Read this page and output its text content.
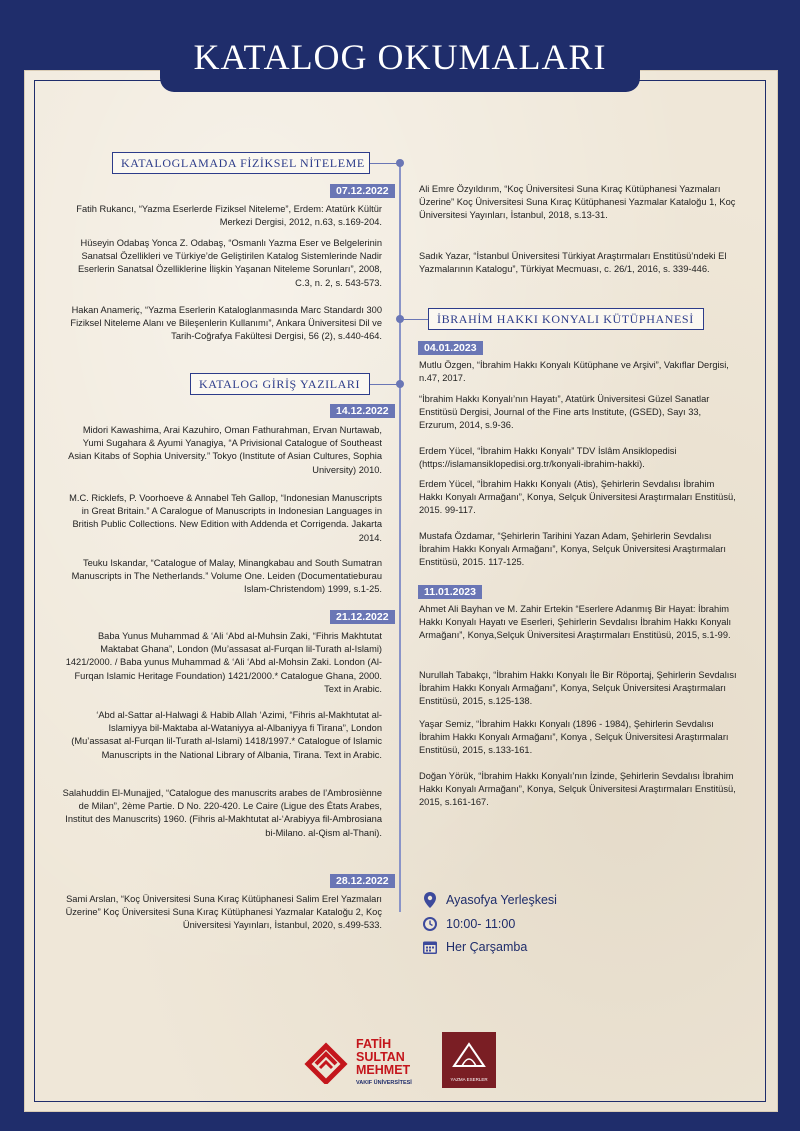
KATALOG OKUMALARI
KATALOGLAMADA FİZİKSEL NİTELEME
KATALOG GİRİŞ YAZILARI
İBRAHİM HAKKI KONYALI KÜTÜPHANESİ
07.12.2022
Fatih Rukancı, “Yazma Eserlerde Fiziksel Niteleme”, Erdem: Atatürk Kültür Merkezi Dergisi, 2012, n.63, s.169-204.
Hüseyin Odabaş Yonca Z. Odabaş, “Osmanlı Yazma Eser ve Belgelerinin Sanatsal Özellikleri ve Türkiye’de Geliştirilen Katalog Sistemlerinde Nadir Eserlerin Sanatsal Özelliklerine İlişkin Yaşanan Niteleme Sorunları”, 2008, C.3, n. 2, s. 543-573.
Hakan Anameriç, “Yazma Eserlerin Kataloglanmasında Marc Standardı 300 Fiziksel Niteleme Alanı ve Bileşenlerin Kullanımı”, Ankara Üniversitesi Dil ve Tarih-Coğrafya Fakültesi Dergisi, 56 (2), s.440-464.
14.12.2022
Midori Kawashima, Arai Kazuhiro, Oman Fathurahman, Ervan Nurtawab, Yumi Sugahara & Ayumi Yanagiya, “A Privisional Catalogue of Southeast Asian Kitabs of Sophia University.” Tokyo (Institute of Asian Cultures, Sophia University) 2010.
M.C. Ricklefs, P. Voorhoeve & Annabel Teh Gallop, “Indonesian Manuscripts in Great Britain.” A Caralogue of Manuscripts in Indonesian Languages in British Public Collections. New Edition with Addenda et Corrigenda. Jakarta 2014.
Teuku Iskandar, “Catalogue of Malay, Minangkabau and South Sumatran Manuscripts in The Netherlands.” Volume One. Leiden (Documentatieburau Islam-Christendom) 1999, s.1-25.
21.12.2022
Baba Yunus Muhammad & ‘Ali ‘Abd al-Muhsin Zaki, “Fihris Makhtutat Maktabat Ghana”, London (Mu’assasat al-Furqan lil-Turath al-Islami) 1421/2000. / Baba yunus Muhammad & ‘Ali ‘Abd al-Mohsin Zaki. London (Al-Furqan Islamic Heritage Foundation) 1421/2000.* Catalogue Ghana, 2000. Text in Arabic.
‘Abd al-Sattar al-Halwagi & Habib Allah ‘Azimi, “Fihris al-Makhtutat al-Islamiyya bil-Maktaba al-Wataniyya al-Albaniyya fi Tirana”, London (Mu’assasat al-Furqan lil-Turath al-Islami) 1418/1997.* Catalogue of Islamic Manuscripts in the National Library of Albania, Tirana. Text in Arabic.
Salahuddin El-Munajjed, “Catalogue des manuscrits arabes de l’Ambrosiènne de Milan”, 2ème Partie. D No. 220-420. Le Caire (Ligue des États Arabes, Institut des Manuscrits) 1960. (Fihris al-Makhtutat al-‘Arabiyya fil-Ambrosiana bi-Milano. al-Qism al-Thani).
28.12.2022
Sami Arslan, “Koç Üniversitesi Suna Kıraç Kütüphanesi Salim Erel Yazmaları Üzerine” Koç Üniversitesi Suna Kıraç Kütüphanesi Yazmalar Kataloğu 2, Koç Üniversitesi Yayınları, İstanbul, 2020, s.499-533.
Ali Emre Özyıldırım, “Koç Üniversitesi Suna Kıraç Kütüphanesi Yazmaları Üzerine” Koç Üniversitesi Suna Kıraç Kütüphanesi Yazmalar Kataloğu 1, Koç Üniversitesi Yayınları, İstanbul, 2018, s.13-31.
Sadık Yazar, “İstanbul Üniversitesi Türkiyat Araştırmaları Enstitüsü’ndeki El Yazmalarının Katalogu”, Türkiyat Mecmuası, c. 26/1, 2016, s. 339-446.
04.01.2023
Mutlu Özgen, “İbrahim Hakkı Konyalı Kütüphane ve Arşivi”, Vakıflar Dergisi, n.47, 2017.
“İbrahim Hakkı Konyalı’nın Hayatı”, Atatürk Üniversitesi Güzel Sanatlar Enstitüsü Dergisi, Journal of the Fine arts Institute, (GSED), Sayı 33, Erzurum, 2014, s.9-36.
Erdem Yücel, “İbrahim Hakkı Konyalı” TDV İslâm Ansiklopedisi (https://islamansiklopedisi.org.tr/konyali-ibrahim-hakki).
Erdem Yücel, “İbrahim Hakkı Konyalı (Atis), Şehirlerin Sevdalısı İbrahim Hakkı Konyalı Armağanı”, Konya, Selçuk Üniversitesi Araştırmaları Enstitüsü, 2015. 99-117.
Mustafa Özdamar, “Şehirlerin Tarihini Yazan Adam, Şehirlerin Sevdalısı İbrahim Hakkı Konyalı Armağanı”, Konya, Selçuk Üniversitesi Araştırmaları Enstitüsü, 2015. 117-125.
11.01.2023
Ahmet Ali Bayhan ve M. Zahir Ertekin “Eserlere Adanmış Bir Hayat: İbrahim Hakkı Konyalı Hayatı ve Eserleri, Şehirlerin Sevdalısı İbrahim Hakkı Konyalı Armağanı”, Konya,Selçuk Üniversitesi Araştırmaları Enstitüsü, 2015, s.1-99.
Nurullah Tabakçı, “İbrahim Hakkı Konyalı İle Bir Röportaj, Şehirlerin Sevdalısı İbrahim Hakkı Konyalı Armağanı”, Konya, Selçuk Üniversitesi Araştırmaları Enstitüsü, 2015, s.125-138.
Yaşar Semiz, “İbrahim Hakkı Konyalı (1896 - 1984), Şehirlerin Sevdalısı İbrahim Hakkı Konyalı Armağanı”, Konya , Selçuk Üniversitesi Araştırmaları Enstitüsü, 2015, s.133-161.
Doğan Yörük, “İbrahim Hakkı Konyalı’nın İzinde, Şehirlerin Sevdalısı İbrahim Hakkı Konyalı Armağanı”, Konya, Selçuk Üniversitesi Araştırmaları Enstitüsü, 2015, s.161-167.
Ayasofya Yerleşkesi
10:00- 11:00
Her Çarşamba
FATİH
SULTAN
MEHMET
VAKIF ÜNİVERSİTESİ
YAZMA ESERLER
